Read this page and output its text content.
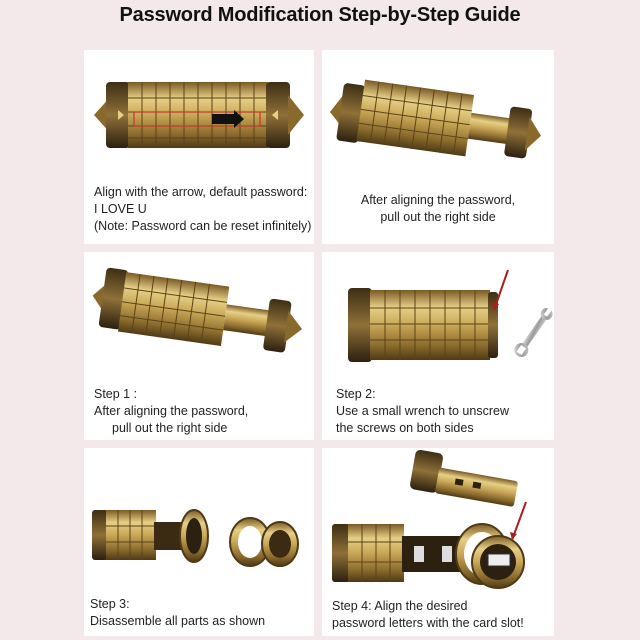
Password Modification Step-by-Step Guide
Align with the arrow, default password:
I LOVE U
(Note: Password can be reset infinitely)
After aligning the password,
pull out the right side
Step 1 :
After aligning the password,
pull out the right side
Step 2:
Use a small wrench to unscrew
the screws on both sides
Step 3:
Disassemble all parts as shown
Step 4: Align the desired
password letters with the card slot!
